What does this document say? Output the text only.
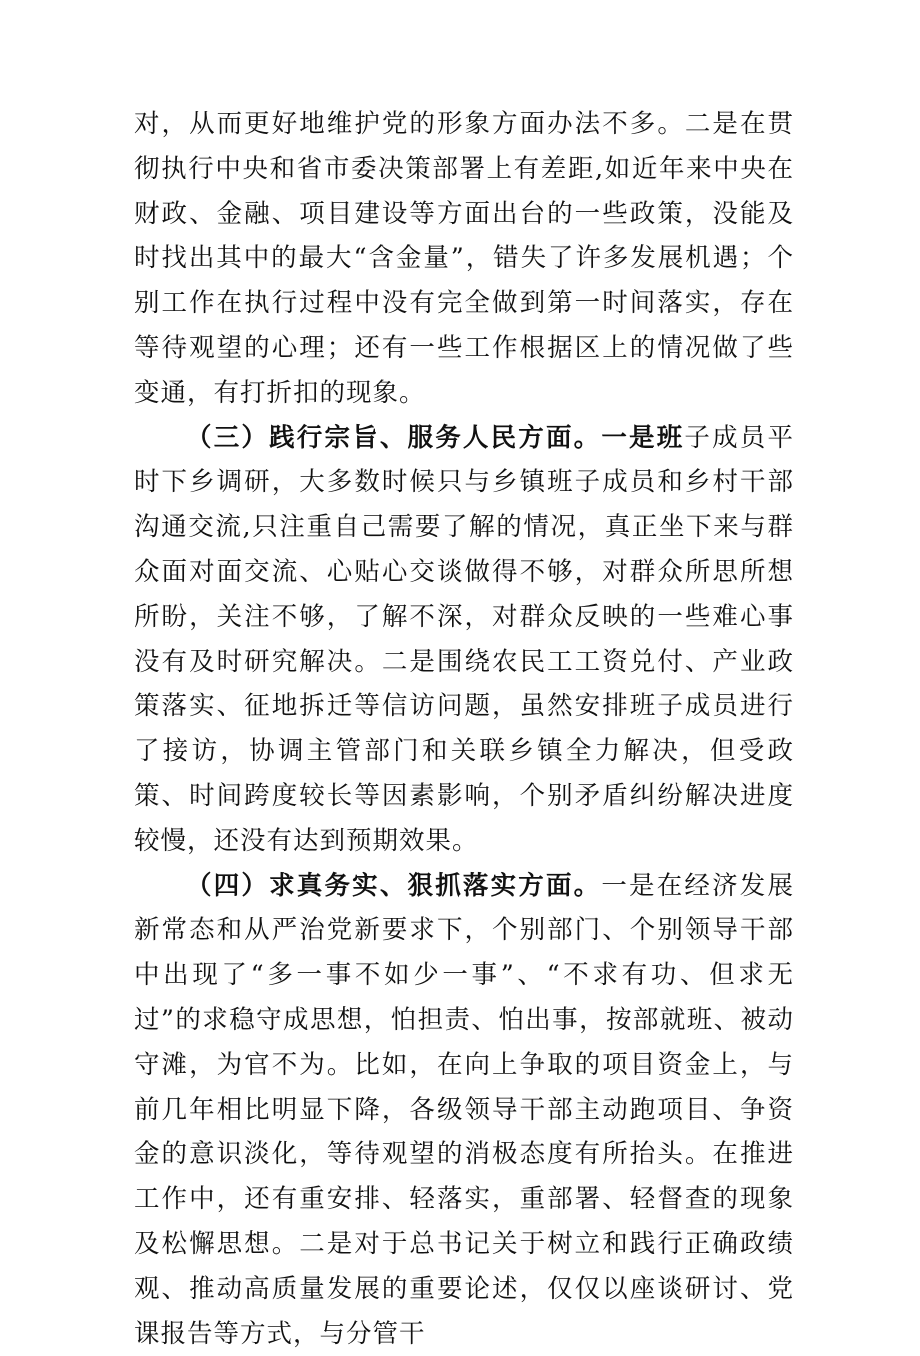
对，从而更好地维护党的形象方面办法不多。二是在贯彻执行中央和省市委决策部署上有差距,如近年来中央在财政、金融、项目建设等方面出台的一些政策，没能及时找出其中的最大“含金量”，错失了许多发展机遇；个别工作在执行过程中没有完全做到第一时间落实，存在等待观望的心理；还有一些工作根据区上的情况做了些变通，有打折扣的现象。

（三）践行宗旨、服务人民方面。一是班子成员平时下乡调研，大多数时候只与乡镇班子成员和乡村干部沟通交流,只注重自己需要了解的情况，真正坐下来与群众面对面交流、心贴心交谈做得不够，对群众所思所想所盼，关注不够，了解不深，对群众反映的一些难心事没有及时研究解决。二是围绕农民工工资兑付、产业政策落实、征地拆迁等信访问题，虽然安排班子成员进行了接访，协调主管部门和关联乡镇全力解决，但受政策、时间跨度较长等因素影响，个别矛盾纠纷解决进度较慢，还没有达到预期效果。

（四）求真务实、狠抓落实方面。一是在经济发展新常态和从严治党新要求下，个别部门、个别领导干部中出现了“多一事不如少一事”、“不求有功、但求无过”的求稳守成思想，怕担责、怕出事，按部就班、被动守滩，为官不为。比如，在向上争取的项目资金上，与前几年相比明显下降，各级领导干部主动跑项目、争资金的意识淡化，等待观望的消极态度有所抬头。在推进工作中，还有重安排、轻落实，重部署、轻督查的现象及松懈思想。二是对于总书记关于树立和践行正确政绩观、推动高质量发展的重要论述，仅仅以座谈研讨、党课报告等方式，与分管干
